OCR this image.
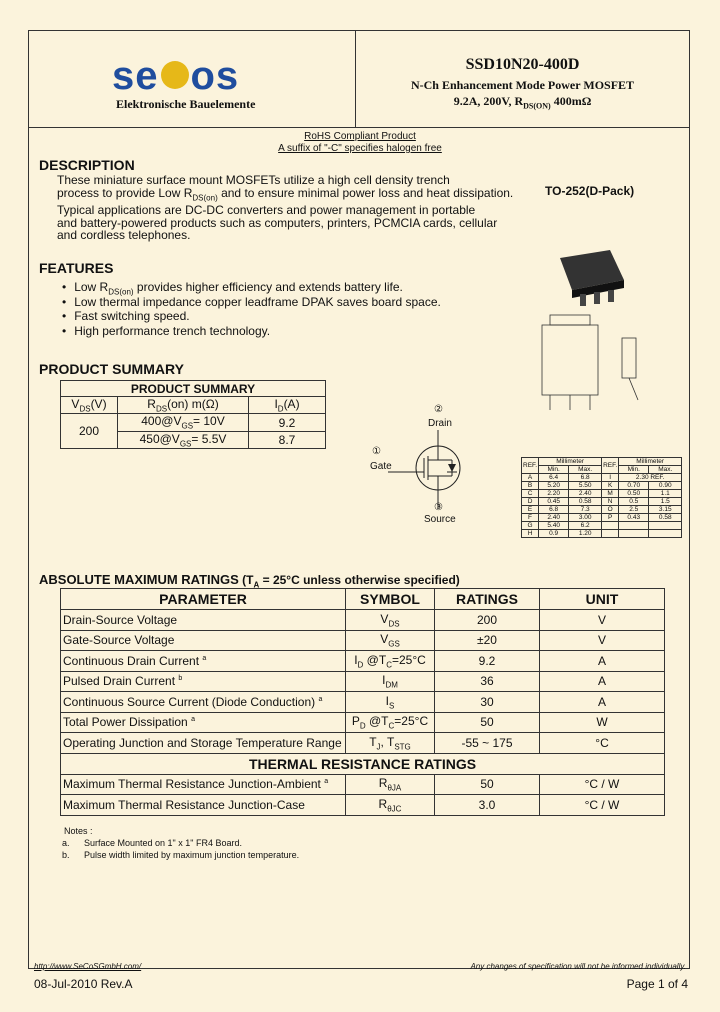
se os
Elektronische Bauelemente
SSD10N20-400D
N-Ch Enhancement Mode Power MOSFET
9.2A, 200V, $R_{DS(ON)}$ 400mΩ
RoHS Compliant Product
A suffix of "-C" specifies halogen free
DESCRIPTION
These miniature surface mount MOSFETs utilize a high cell density trench
process to provide Low $R_{DS(on)}$ and to ensure minimal power loss and heat dissipation.
Typical applications are DC-DC converters and power management in portable
and battery-powered products such as computers, printers, PCMCIA cards, cellular
and cordless telephones.
TO-252(D-Pack)
FEATURES
• Low $R_{DS(on)}$ provides higher efficiency and extends battery life.
• Low thermal impedance copper leadframe DPAK saves board space.
• Fast switching speed.
• High performance trench technology.
PRODUCT SUMMARY
PRODUCT SUMMARY		
$V_{DS}(V)$	$R_{DS}(on)$ m(Ω)	$I_D(A)$
200	$400@V_{GS}= 10V$	9.2
	$450@V_{GS}= 5.5V$	8.7
②
Drain
①
Gate
③
Source
REF.	Millimeter		REF.	Millimeter	
	Min.	Max.		Min.	Max.
A	6.4	6.8	I	2.30 REF.	
B	5.20	5.50	K	0.70	0.90
C	2.20	2.40	M	0.50	1.1
D	0.45	0.58	N	0.5	1.5
E	6.8	7.3	O	2.5	3.15
F	2.40	3.00	P	0.43	0.58
G	5.40	6.2			
H	0.9	1.20			
ABSOLUTE MAXIMUM RATINGS ($T_A = 25^\circ C$ unless otherwise specified)
PARAMETER	SYMBOL	RATINGS	UNIT
Drain-Source Voltage	$V_{DS}$	200	V
Gate-Source Voltage	$V_{GS}$	±20	V
Continuous Drain Current $^a$	$I_D$ $@T_C=25^\circ C$	9.2	A
Pulsed Drain Current $^b$	$I_{DM}$	36	A
Continuous Source Current (Diode Conduction) $^a$	$I_S$	30	A
Total Power Dissipation $^a$	$P_D$ $@T_C=25^\circ C$	50	W
Operating Junction and Storage Temperature Range	$T_J$, $T_{STG}$	-55 ~ 175	°C
THERMAL RESISTANCE RATINGS			
Maximum Thermal Resistance Junction-Ambient $^a$	$R_{\theta JA}$	50	°C / W
Maximum Thermal Resistance Junction-Case	$R_{\theta JC}$	3.0	°C / W
Notes :
a. Surface Mounted on 1" x 1" FR4 Board.
b. Pulse width limited by maximum junction temperature.
http://www.SeCoSGmbH.com/	Any changes of specification will not be informed individually.
08-Jul-2010 Rev.A	Page 1 of 4
